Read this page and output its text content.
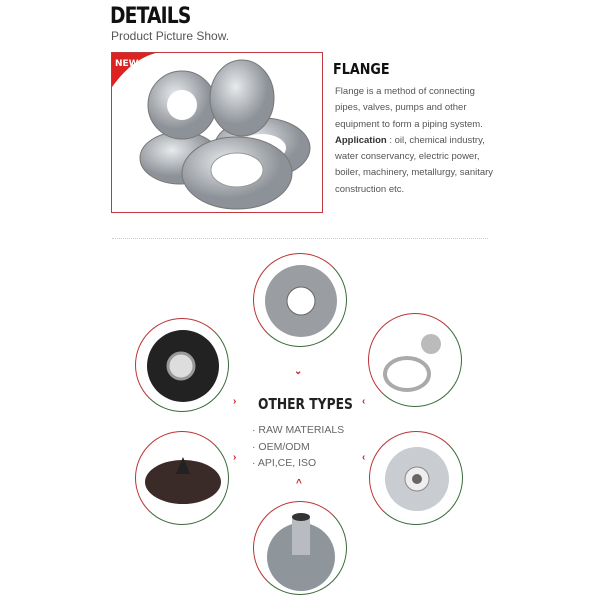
DETAILS
Product Picture Show.
NEW	FLANGE
Flange is a method of connecting pipes, valves, pumps and other equipment to form a piping system.
Application : oil, chemical industry, water conservancy, electric power, boiler, machinery, metallurgy, sanitary construction etc.
⌄
›	‹
›	‹
^
OTHER TYPES
· RAW MATERIALS
· OEM/ODM
· API,CE, ISO
